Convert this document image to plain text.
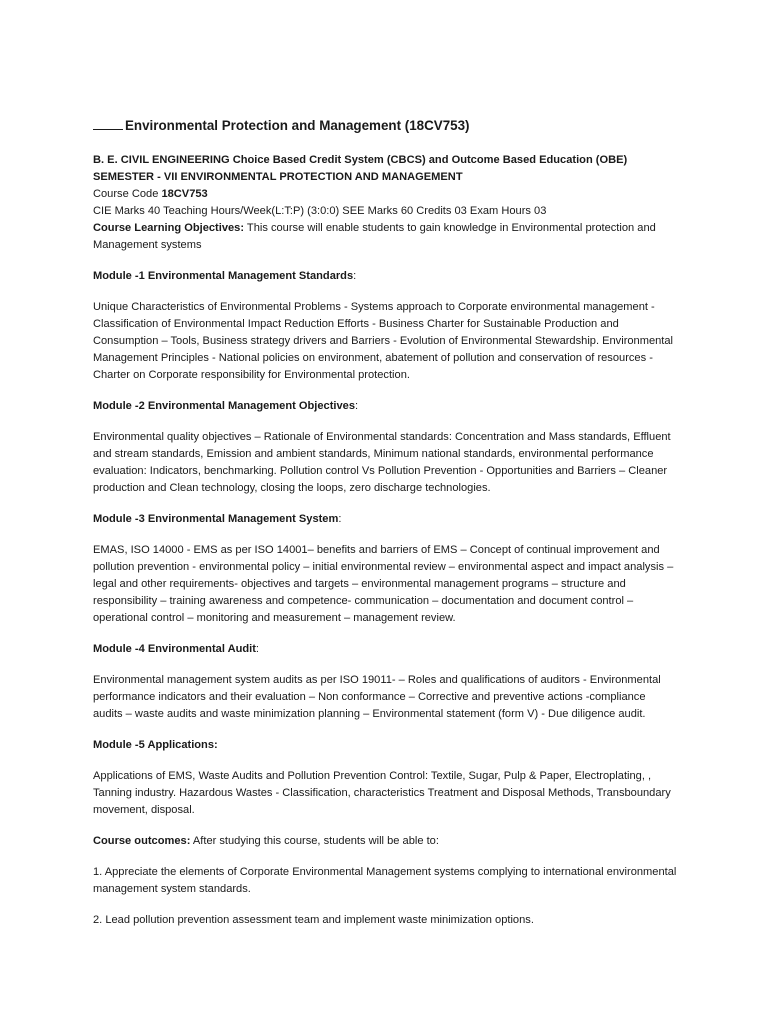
Environmental Protection and Management (18CV753)

B. E. CIVIL ENGINEERING Choice Based Credit System (CBCS) and Outcome Based Education (OBE)

SEMESTER - VII ENVIRONMENTAL PROTECTION AND MANAGEMENT

Course Code 18CV753

CIE Marks 40 Teaching Hours/Week(L:T:P) (3:0:0) SEE Marks 60 Credits 03 Exam Hours 03

Course Learning Objectives: This course will enable students to gain knowledge in Environmental protection and Management systems

Module -1 Environmental Management Standards:

Unique Characteristics of Environmental Problems - Systems approach to Corporate environmental management - Classification of Environmental Impact Reduction Efforts - Business Charter for Sustainable Production and Consumption – Tools, Business strategy drivers and Barriers - Evolution of Environmental Stewardship. Environmental Management Principles - National policies on environment, abatement of pollution and conservation of resources - Charter on Corporate responsibility for Environmental protection.

Module -2 Environmental Management Objectives:

Environmental quality objectives – Rationale of Environmental standards: Concentration and Mass standards, Effluent and stream standards, Emission and ambient standards, Minimum national standards, environmental performance evaluation: Indicators, benchmarking. Pollution control Vs Pollution Prevention - Opportunities and Barriers – Cleaner production and Clean technology, closing the loops, zero discharge technologies.

Module -3 Environmental Management System:

EMAS, ISO 14000 - EMS as per ISO 14001– benefits and barriers of EMS – Concept of continual improvement and pollution prevention - environmental policy – initial environmental review – environmental aspect and impact analysis – legal and other requirements- objectives and targets – environmental management programs – structure and responsibility – training awareness and competence- communication – documentation and document control – operational control – monitoring and measurement – management review.

Module -4 Environmental Audit:

Environmental management system audits as per ISO 19011- – Roles and qualifications of auditors - Environmental performance indicators and their evaluation – Non conformance – Corrective and preventive actions -compliance audits – waste audits and waste minimization planning – Environmental statement (form V) - Due diligence audit.

Module -5 Applications:

Applications of EMS, Waste Audits and Pollution Prevention Control: Textile, Sugar, Pulp & Paper, Electroplating, , Tanning industry. Hazardous Wastes - Classification, characteristics Treatment and Disposal Methods, Transboundary movement, disposal.

Course outcomes: After studying this course, students will be able to:

1. Appreciate the elements of Corporate Environmental Management systems complying to international environmental management system standards.

2. Lead pollution prevention assessment team and implement waste minimization options.
